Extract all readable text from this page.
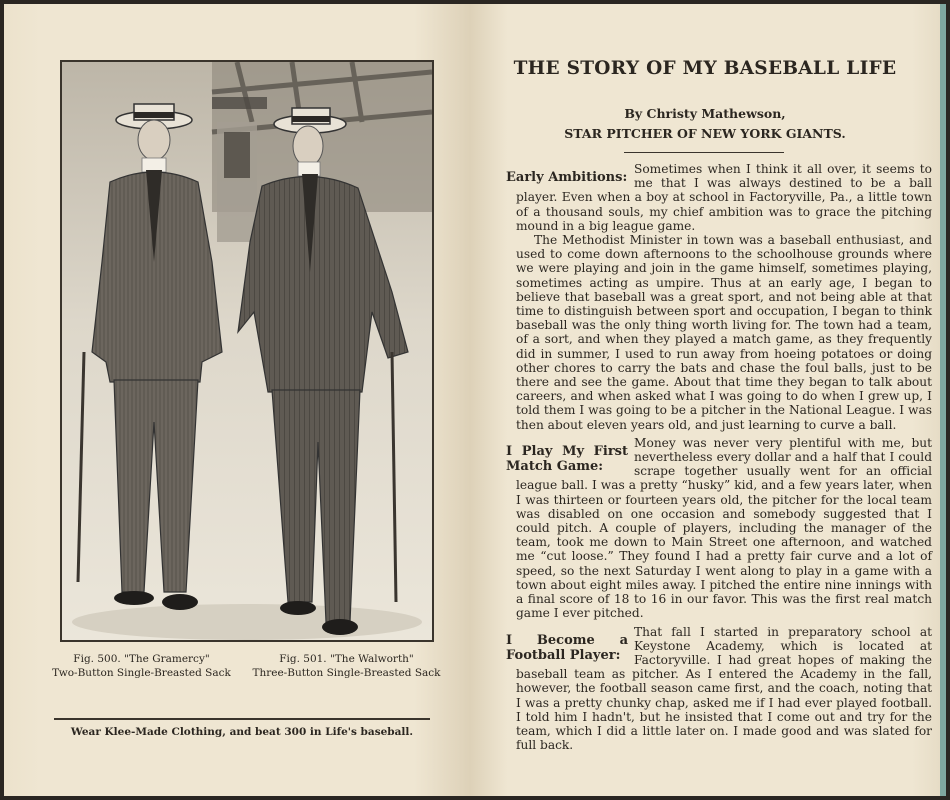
Fig. 500. "The Gramercy"
Two-Button Single-Breasted Sack
Fig. 501. "The Walworth"
Three-Button Single-Breasted Sack
Wear Klee-Made Clothing, and beat 300 in Life's baseball.
THE STORY OF MY BASEBALL LIFE
By Christy Mathewson,
STAR PITCHER OF NEW YORK GIANTS.
Early Ambitions:

Sometimes when I think it all over, it seems to me that I was always destined to be a ball player. Even when a boy at school in Factoryville, Pa., a little town of a thousand souls, my chief ambition was to grace the pitching mound in a big league game.

The Methodist Minister in town was a baseball enthusiast, and used to come down afternoons to the schoolhouse grounds where we were playing and join in the game himself, sometimes playing, sometimes acting as umpire. Thus at an early age, I began to believe that baseball was a great sport, and not being able at that time to distinguish between sport and occupation, I began to think baseball was the only thing worth living for. The town had a team, of a sort, and when they played a match game, as they frequently did in summer, I used to run away from hoeing potatoes or doing other chores to carry the bats and chase the foul balls, just to be there and see the game. About that time they began to talk about careers, and when asked what I was going to do when I grew up, I told them I was going to be a pitcher in the National League. I was then about eleven years old, and just learning to curve a ball.

I Play My First Match Game:

Money was never very plentiful with me, but nevertheless every dollar and a half that I could scrape together usually went for an official league ball. I was a pretty “husky” kid, and a few years later, when I was thirteen or fourteen years old, the pitcher for the local team was disabled on one occasion and somebody suggested that I could pitch. A couple of players, including the manager of the team, took me down to Main Street one afternoon, and watched me “cut loose.” They found I had a pretty fair curve and a lot of speed, so the next Saturday I went along to play in a game with a town about eight miles away. I pitched the entire nine innings with a final score of 18 to 16 in our favor. This was the first real match game I ever pitched.

I Become a Football Player:

That fall I started in preparatory school at Keystone Academy, which is located at Factoryville. I had great hopes of making the baseball team as pitcher. As I entered the Academy in the fall, however, the football season came first, and the coach, noting that I was a pretty chunky chap, asked me if I had ever played football. I told him I hadn't, but he insisted that I come out and try for the team, which I did a little later on. I made good and was slated for full back.
